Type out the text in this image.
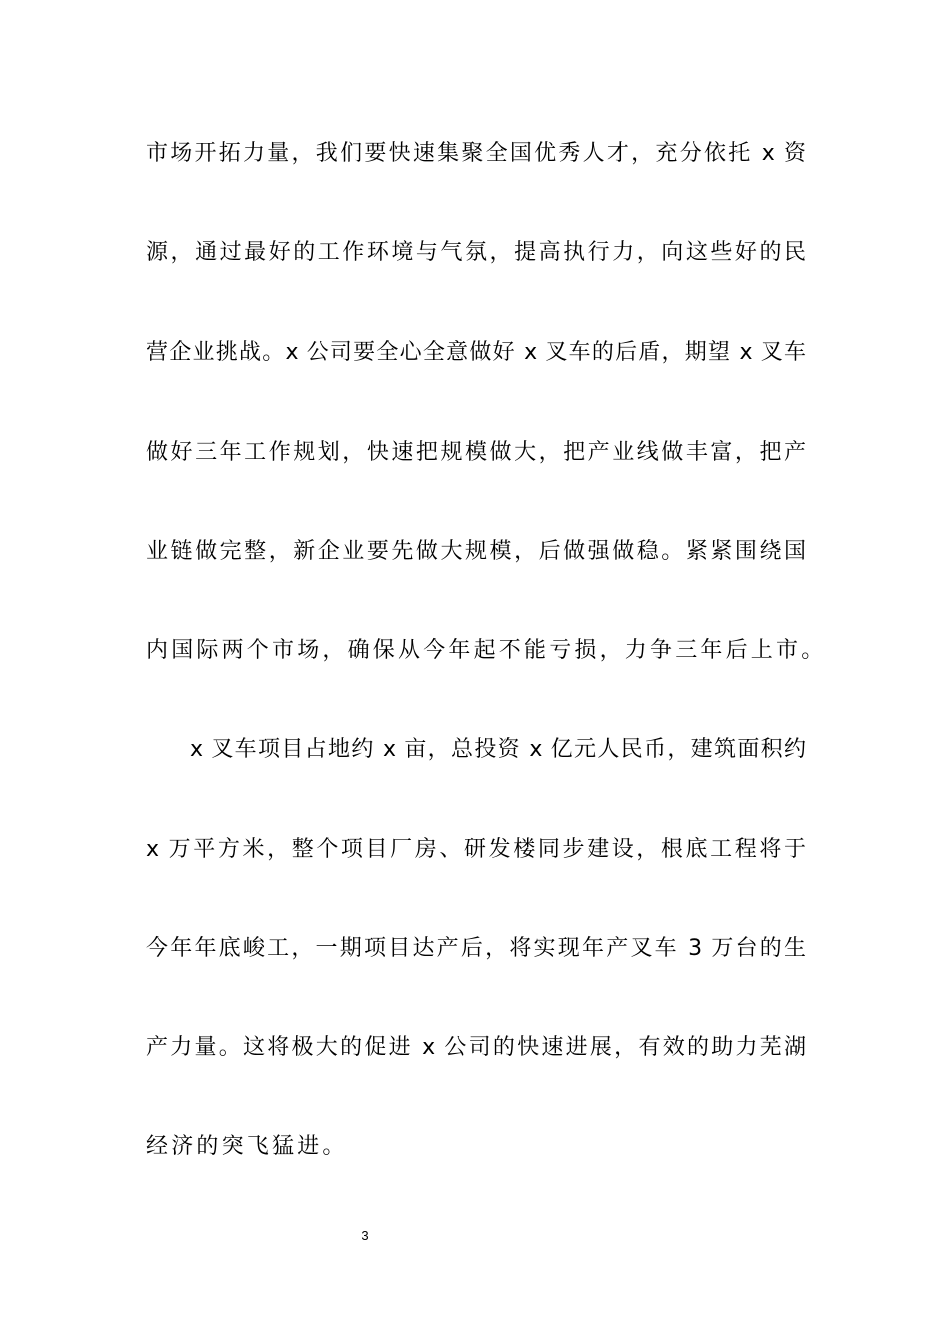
市场开拓力量，我们要快速集聚全国优秀人才，充分依托 x 资
源，通过最好的工作环境与气氛，提高执行力，向这些好的民
营企业挑战。x 公司要全心全意做好 x 叉车的后盾，期望 x 叉车
做好三年工作规划，快速把规模做大，把产业线做丰富，把产
业链做完整，新企业要先做大规模，后做强做稳。紧紧围绕国
内国际两个市场，确保从今年起不能亏损，力争三年后上市。
x 叉车项目占地约 x 亩，总投资 x 亿元人民币，建筑面积约
x 万平方米，整个项目厂房、研发楼同步建设，根底工程将于
今年年底峻工，一期项目达产后，将实现年产叉车 3 万台的生
产力量。这将极大的促进 x 公司的快速进展，有效的助力芜湖
经济的突飞猛进。
3
